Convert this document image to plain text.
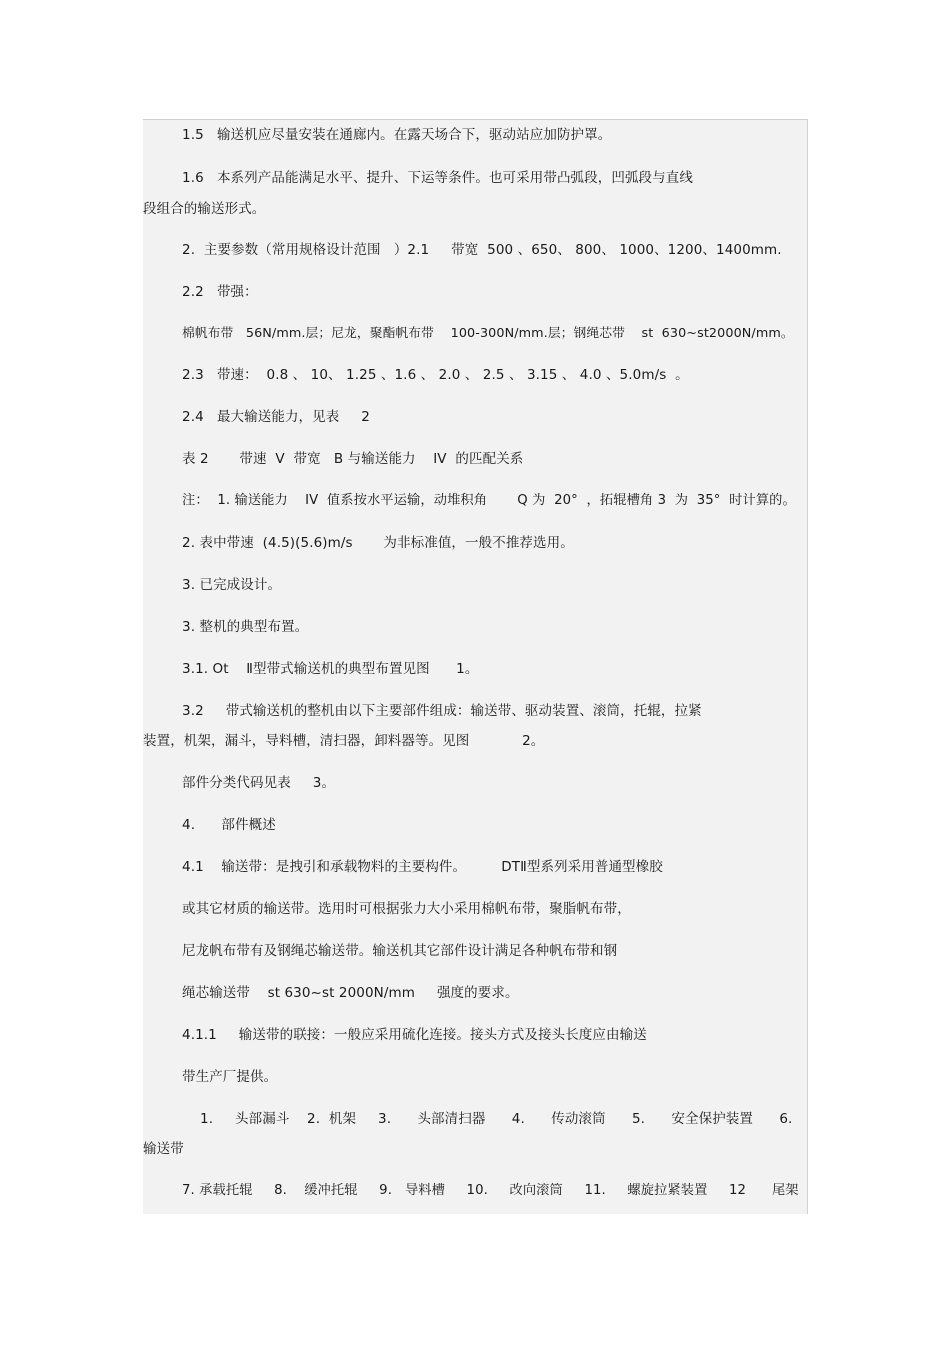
1.5   输送机应尽量安装在通廊内。在露天场合下，驱动站应加防护罩。
1.6   本系列产品能满足水平、提升、下运等条件。也可采用带凸弧段，凹弧段与直线
段组合的输送形式。
2.  主要参数（常用规格设计范围   ）2.1     带宽  500 、650、 800、 1000、1200、1400mm.
2.2   带强：
棉帆布带   56N/mm.层；尼龙，聚酯帆布带    100-300N/mm.层；钢绳芯带    st  630~st2000N/mm。
2.3   带速：  0.8 、 10、 1.25 、1.6 、 2.0 、 2.5 、 3.15 、 4.0 、5.0m/s  。
2.4   最大输送能力，见表     2
表 2       带速  V  带宽   B 与输送能力    IV  的匹配关系
注：  1. 输送能力    IV  值系按水平运输，动堆积角       Q 为  20°  ，拓辊槽角 3  为  35°  时计算的。
2. 表中带速  (4.5)(5.6)m/s       为非标准值，一般不推荐选用。
3. 已完成设计。
3. 整机的典型布置。
3.1. Ot    Ⅱ型带式输送机的典型布置见图      1。
3.2     带式输送机的整机由以下主要部件组成：输送带、驱动装置、滚筒，托辊，拉紧
装置，机架，漏斗，导料槽，清扫器，卸料器等。见图            2。
部件分类代码见表     3。
4.      部件概述
4.1    输送带：是拽引和承载物料的主要构件。        DTⅡ型系列采用普通型橡胶
或其它材质的输送带。选用时可根据张力大小采用棉帆布带，聚脂帆布带，
尼龙帆布带有及钢绳芯输送带。输送机其它部件设计满足各种帆布带和钢
绳芯输送带    st 630~st 2000N/mm     强度的要求。
4.1.1     输送带的联接：一般应采用硫化连接。接头方式及接头长度应由输送
带生产厂提供。
1.     头部漏斗    2.  机架     3.      头部清扫器      4.      传动滚筒      5.      安全保护装置      6.
输送带
7. 承载托辊     8.    缓冲托辊     9.   导料槽     10.     改向滚筒     11.     螺旋拉紧装置     12      尾架
